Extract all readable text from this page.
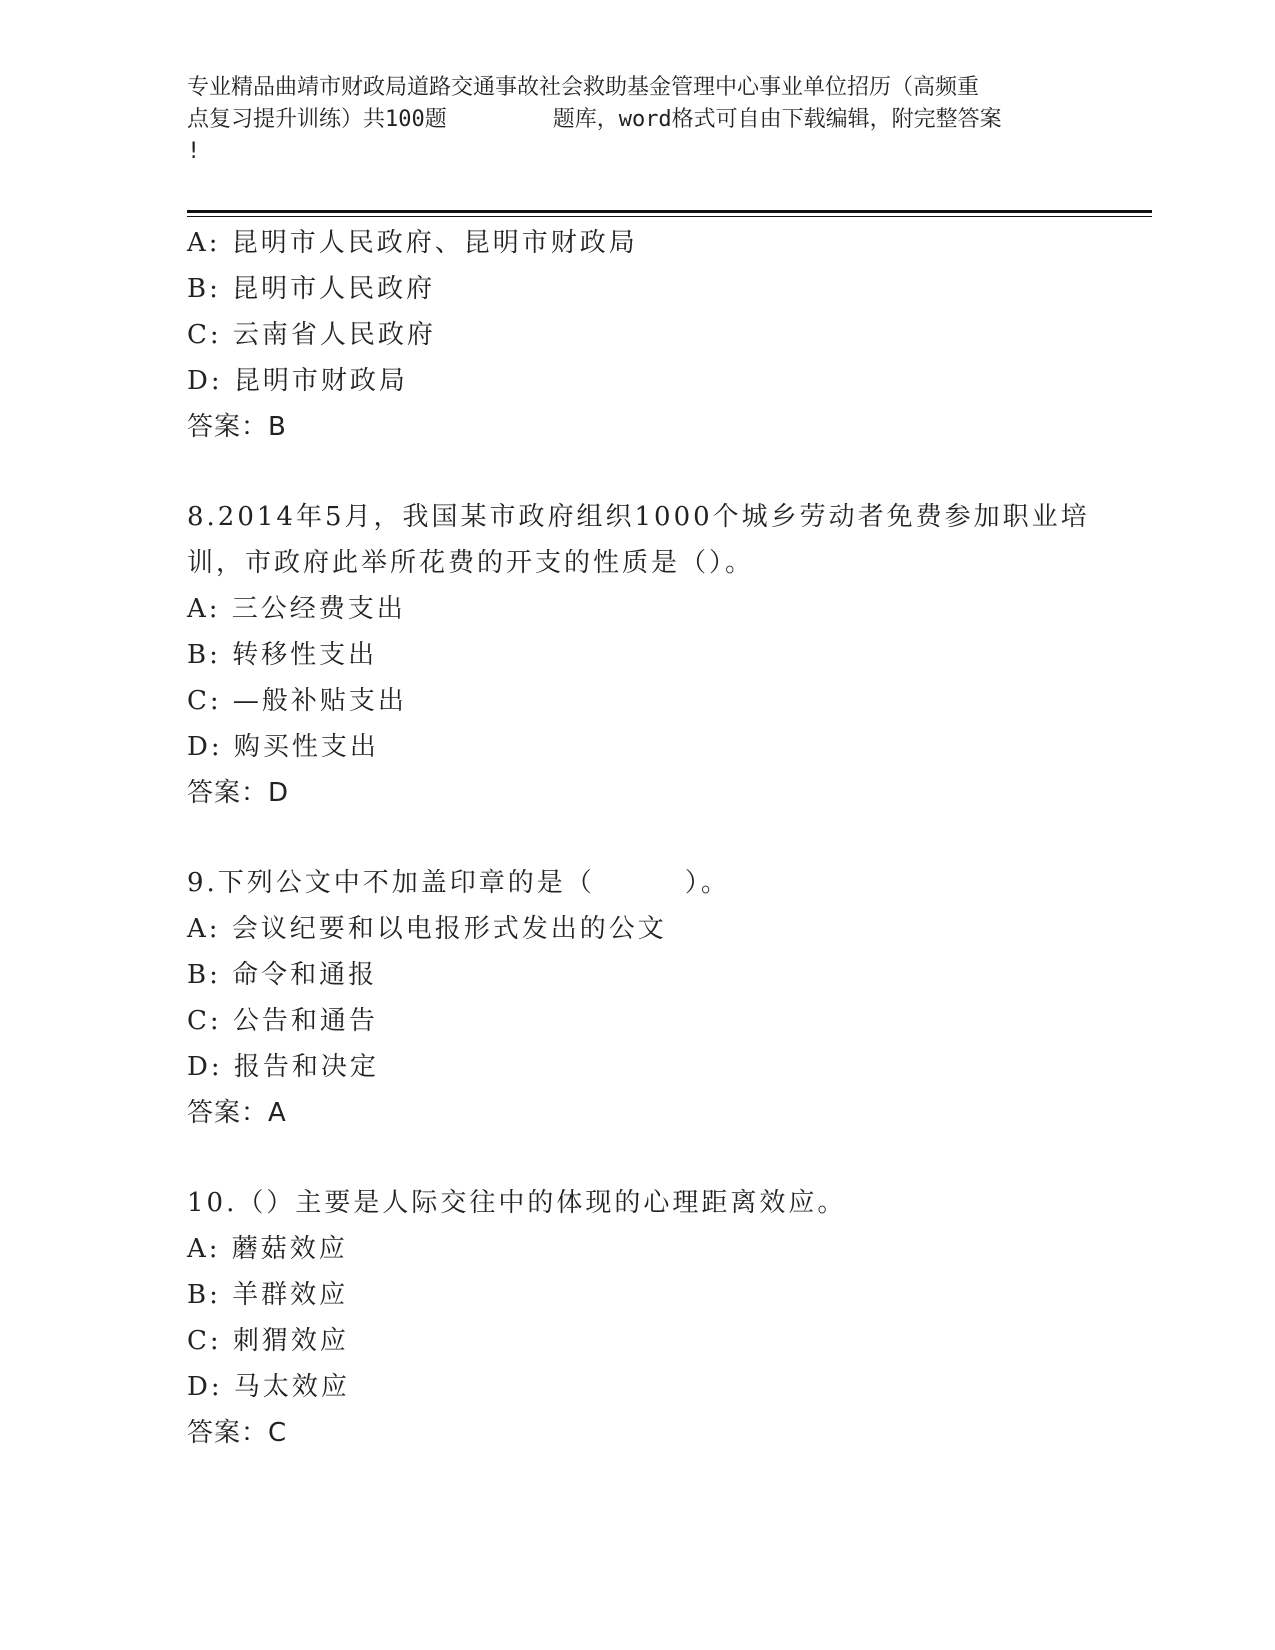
专业精品曲靖市财政局道路交通事故社会救助基金管理中心事业单位招历（高频重
点复习提升训练）共100题        题库，word格式可自由下载编辑，附完整答案
!
A: 昆明市人民政府、昆明市财政局
B: 昆明市人民政府
C: 云南省人民政府
D: 昆明市财政局
答案：B
8.2014年5月，我国某市政府组织1000个城乡劳动者免费参加职业培训，市政府此举所花费的开支的性质是（）。
A: 三公经费支出
B: 转移性支出
C: —般补贴支出
D: 购买性支出
答案：D
9.下列公文中不加盖印章的是（        ）。
A: 会议纪要和以电报形式发出的公文
B: 命令和通报
C: 公告和通告
D: 报告和决定
答案：A
10.（）主要是人际交往中的体现的心理距离效应。
A: 蘑菇效应
B: 羊群效应
C: 刺猬效应
D: 马太效应
答案：C
